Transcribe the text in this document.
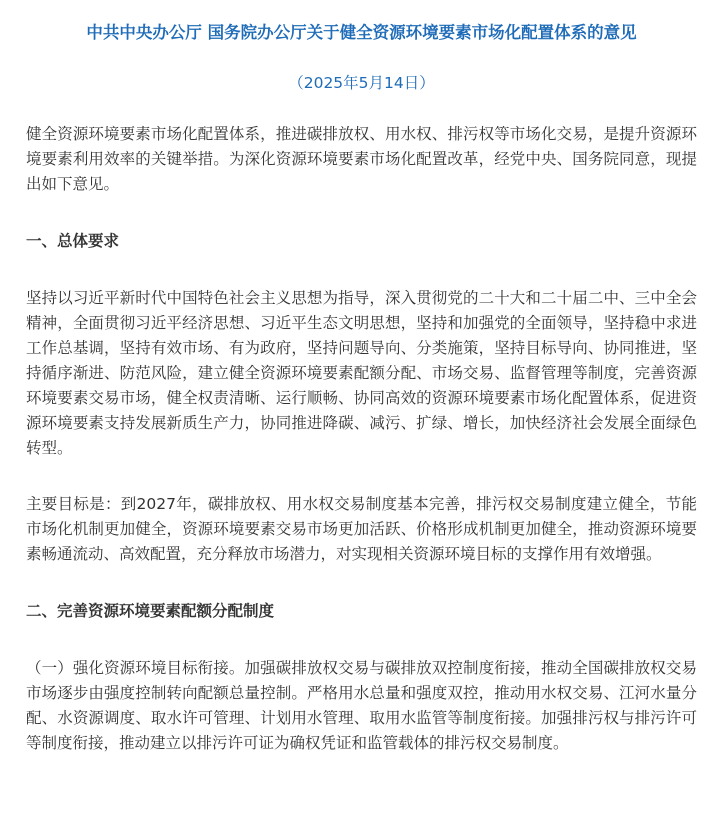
中共中央办公厅 国务院办公厅关于健全资源环境要素市场化配置体系的意见
（2025年5月14日）

健全资源环境要素市场化配置体系，推进碳排放权、用水权、排污权等市场化交易，是提升资源环境要素利用效率的关键举措。为深化资源环境要素市场化配置改革，经党中央、国务院同意，现提出如下意见。

一、总体要求

坚持以习近平新时代中国特色社会主义思想为指导，深入贯彻党的二十大和二十届二中、三中全会精神，全面贯彻习近平经济思想、习近平生态文明思想，坚持和加强党的全面领导，坚持稳中求进工作总基调，坚持有效市场、有为政府，坚持问题导向、分类施策，坚持目标导向、协同推进，坚持循序渐进、防范风险，建立健全资源环境要素配额分配、市场交易、监督管理等制度，完善资源环境要素交易市场，健全权责清晰、运行顺畅、协同高效的资源环境要素市场化配置体系，促进资源环境要素支持发展新质生产力，协同推进降碳、减污、扩绿、增长，加快经济社会发展全面绿色转型。

主要目标是：到2027年，碳排放权、用水权交易制度基本完善，排污权交易制度建立健全，节能市场化机制更加健全，资源环境要素交易市场更加活跃、价格形成机制更加健全，推动资源环境要素畅通流动、高效配置，充分释放市场潜力，对实现相关资源环境目标的支撑作用有效增强。

二、完善资源环境要素配额分配制度

（一）强化资源环境目标衔接。加强碳排放权交易与碳排放双控制度衔接，推动全国碳排放权交易市场逐步由强度控制转向配额总量控制。严格用水总量和强度双控，推动用水权交易、江河水量分配、水资源调度、取水许可管理、计划用水管理、取用水监管等制度衔接。加强排污权与排污许可等制度衔接，推动建立以排污许可证为确权凭证和监管载体的排污权交易制度。
